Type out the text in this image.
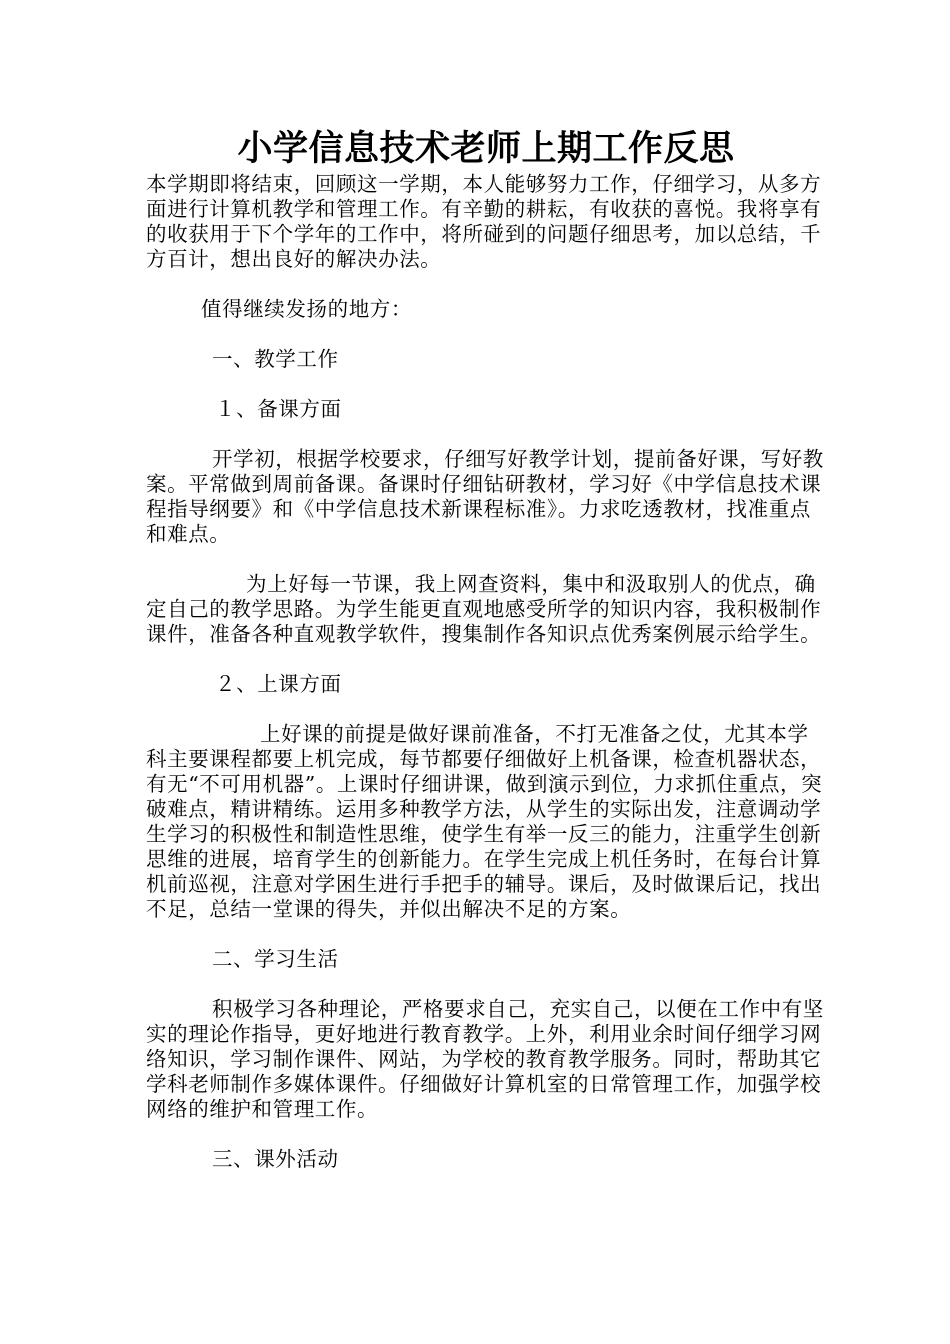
小学信息技术老师上期工作反思

本学期即将结束，回顾这一学期，本人能够努力工作，仔细学习，从多方面进行计算机教学和管理工作。有辛勤的耕耘，有收获的喜悦。我将享有的收获用于下个学年的工作中，将所碰到的问题仔细思考，加以总结，千方百计，想出良好的解决办法。

值得继续发扬的地方：

一、教学工作

１、备课方面

开学初，根据学校要求，仔细写好教学计划，提前备好课，写好教案。平常做到周前备课。备课时仔细钻研教材，学习好《中学信息技术课程指导纲要》和《中学信息技术新课程标准》。力求吃透教材，找准重点和难点。

为上好每一节课，我上网查资料，集中和汲取别人的优点，确定自己的教学思路。为学生能更直观地感受所学的知识内容，我积极制作课件，准备各种直观教学软件，搜集制作各知识点优秀案例展示给学生。

２、上课方面

上好课的前提是做好课前准备，不打无准备之仗，尤其本学科主要课程都要上机完成，每节都要仔细做好上机备课，检查机器状态，有无“不可用机器”。上课时仔细讲课，做到演示到位，力求抓住重点，突破难点，精讲精练。运用多种教学方法，从学生的实际出发，注意调动学生学习的积极性和制造性思维，使学生有举一反三的能力，注重学生创新思维的进展，培育学生的创新能力。在学生完成上机任务时，在每台计算机前巡视，注意对学困生进行手把手的辅导。课后，及时做课后记，找出不足，总结一堂课的得失，并似出解决不足的方案。

二、学习生活

积极学习各种理论，严格要求自己，充实自己，以便在工作中有坚实的理论作指导，更好地进行教育教学。上外，利用业余时间仔细学习网络知识，学习制作课件、网站，为学校的教育教学服务。同时，帮助其它学科老师制作多媒体课件。仔细做好计算机室的日常管理工作，加强学校网络的维护和管理工作。

三、课外活动
